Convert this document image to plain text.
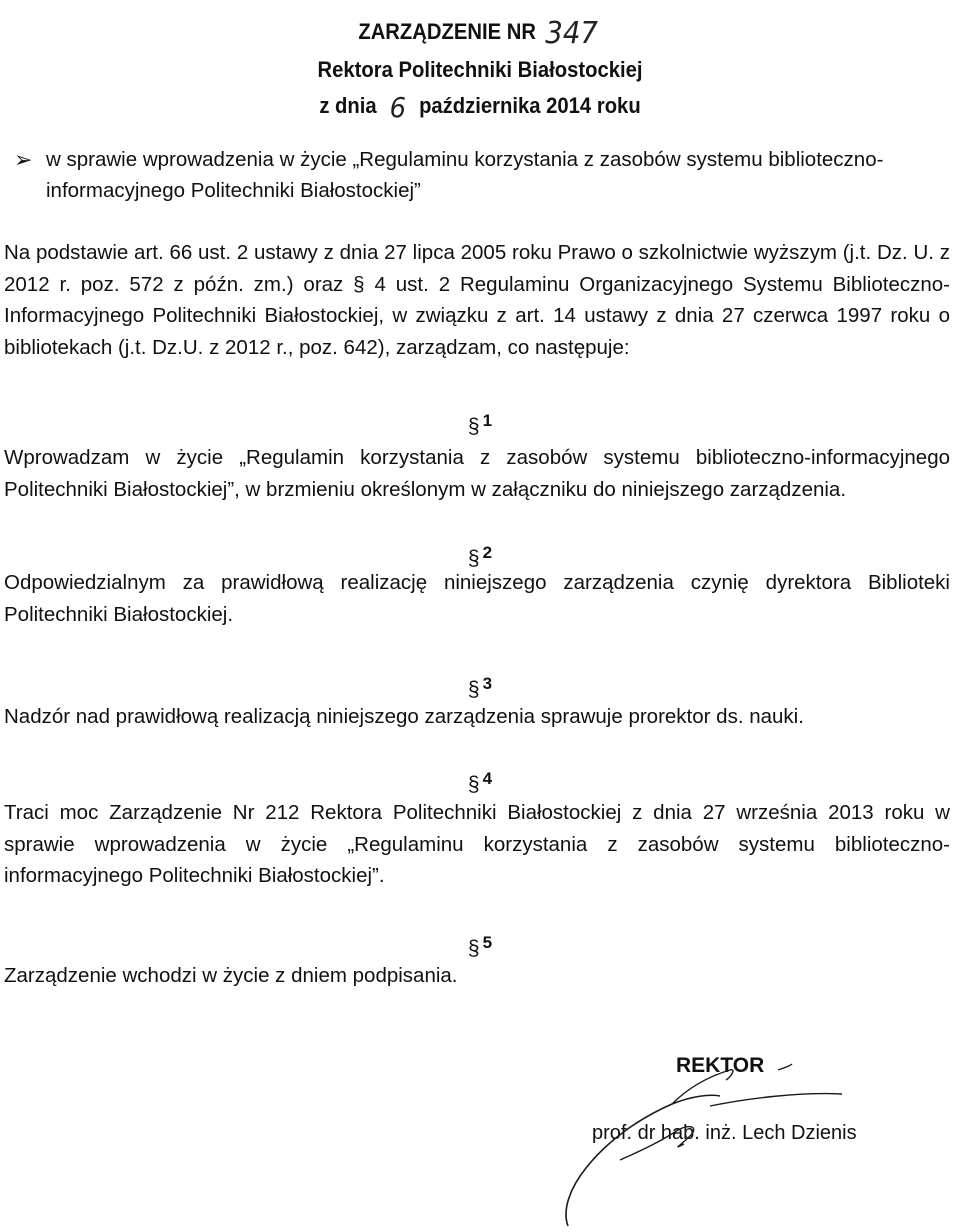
ZARZĄDZENIE NR 347
Rektora Politechniki Białostockiej
z dnia 6 października 2014 roku
➢ w sprawie wprowadzenia w życie „Regulaminu korzystania z zasobów systemu biblioteczno-informacyjnego Politechniki Białostockiej”
Na podstawie art. 66 ust. 2 ustawy z dnia 27 lipca 2005 roku Prawo o szkolnictwie wyższym (j.t. Dz. U. z 2012 r. poz. 572 z późn. zm.) oraz § 4 ust. 2 Regulaminu Organizacyjnego Systemu Biblioteczno-Informacyjnego Politechniki Białostockiej, w związku z art. 14 ustawy z dnia 27 czerwca 1997 roku o bibliotekach (j.t. Dz.U. z 2012 r., poz. 642), zarządzam, co następuje:
§ $^1$
Wprowadzam w życie „Regulamin korzystania z zasobów systemu biblioteczno-informacyjnego Politechniki Białostockiej”, w brzmieniu określonym w załączniku do niniejszego zarządzenia.
§ $^2$
Odpowiedzialnym za prawidłową realizację niniejszego zarządzenia czynię dyrektora Biblioteki Politechniki Białostockiej.
§ $^3$
Nadzór nad prawidłową realizacją niniejszego zarządzenia sprawuje prorektor ds. nauki.
§ $^4$
Traci moc Zarządzenie Nr 212 Rektora Politechniki Białostockiej z dnia 27 września 2013 roku w sprawie wprowadzenia w życie „Regulaminu korzystania z zasobów systemu biblioteczno-informacyjnego Politechniki Białostockiej”.
§ $^5$
Zarządzenie wchodzi w życie z dniem podpisania.
REKTOR
prof. dr hab. inż. Lech Dzienis
